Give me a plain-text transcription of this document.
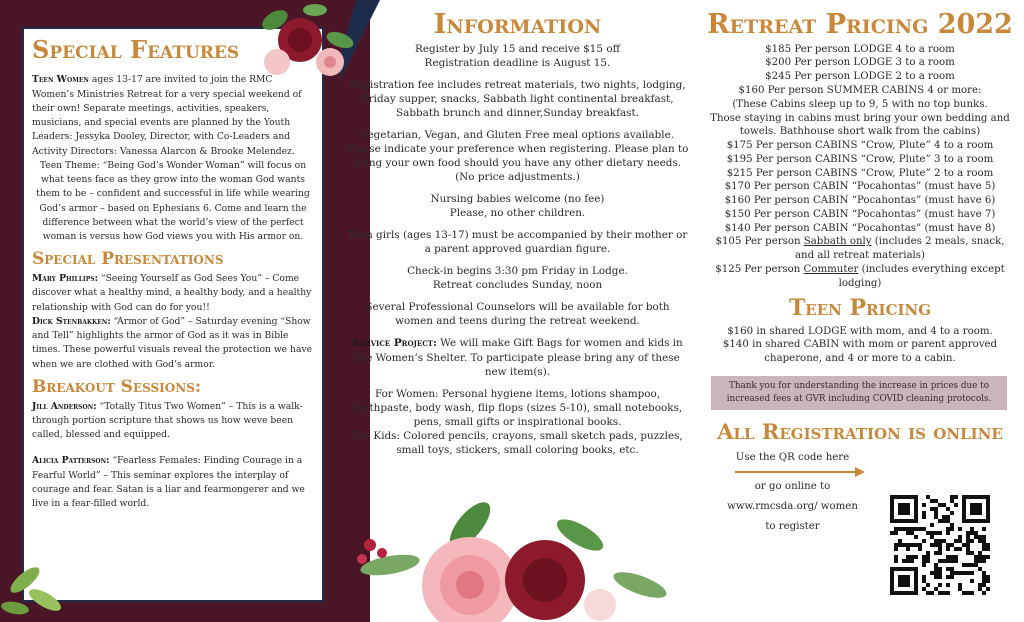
Special Features

Teen Women ages 13-17 are invited to join the RMC Women’s Ministries Retreat for a very special weekend of their own! Separate meetings, activities, speakers, musicians, and special events are planned by the Youth Leaders: Jessyka Dooley, Director, with Co-Leaders and Activity Directors: Vanessa Alarcon & Brooke Melendez.

Teen Theme: “Being God’s Wonder Woman” will focus on what teens face as they grow into the woman God wants them to be – confident and successful in life while wearing God’s armor – based on Ephesians 6. Come and learn the difference between what the world’s view of the perfect woman is versus how God views you with His armor on.

Special Presentations

Mary Phillips: “Seeing Yourself as God Sees You” – Come discover what a healthy mind, a healthy body, and a healthy relationship with God can do for you!!

Dick Stenbakken: “Armor of God” – Saturday evening “Show and Tell” highlights the armor of God as it was in Bible times. These powerful visuals reveal the protection we have when we are clothed with God’s armor.

Breakout Sessions:

Jill Anderson: “Totally Titus Two Women” – This is a walk-through portion scripture that shows us how weve been called, blessed and equipped.

Alicia Patterson: “Fearless Females: Finding Courage in a Fearful World” – This seminar explores the interplay of courage and fear. Satan is a liar and fearmongerer and we live in a fear-filled world.

Information

Register by July 15 and receive $15 off
Registration deadline is August 15.

Registration fee includes retreat materials, two nights, lodging, Friday supper, snacks, Sabbath light continental breakfast, Sabbath brunch and dinner,Sunday breakfast.

Vegetarian, Vegan, and Gluten Free meal options available. Please indicate your preference when registering. Please plan to bring your own food should you have any other dietary needs. (No price adjustments.)

Nursing babies welcome (no fee)
Please, no other children.

Teen girls (ages 13-17) must be accompanied by their mother or a parent approved guardian figure.

Check-in begins 3:30 pm Friday in Lodge.
Retreat concludes Sunday, noon

Several Professional Counselors will be available for both women and teens during the retreat weekend.

Service Project: We will make Gift Bags for women and kids in the Women’s Shelter. To participate please bring any of these new item(s).

For Women: Personal hygiene items, lotions shampoo, toothpaste, body wash, flip flops (sizes 5-10), small notebooks, pens, small gifts or inspirational books.

For Kids: Colored pencils, crayons, small sketch pads, puzzles, small toys, stickers, small coloring books, etc.

Retreat Pricing 2022

$185 Per person LODGE 4 to a room

$200 Per person LODGE 3 to a room

$245 Per person LODGE 2 to a room

$160 Per person SUMMER CABINS 4 or more:

(These Cabins sleep up to 9, 5 with no top bunks.

Those staying in cabins must bring your own bedding and towels. Bathhouse short walk from the cabins)

$175 Per person CABINS “Crow, Plute” 4 to a room

$195 Per person CABINS “Crow, Plute” 3 to a room

$215 Per person CABINS “Crow, Plute” 2 to a room

$170 Per person CABIN “Pocahontas” (must have 5)

$160 Per person CABIN “Pocahontas” (must have 6)

$150 Per person CABIN “Pocahontas” (must have 7)

$140 Per person CABIN “Pocahontas” (must have 8)

$105 Per person Sabbath only (includes 2 meals, snack, and all retreat materials)

$125 Per person Commuter (includes everything except lodging)

Teen Pricing

$160 in shared LODGE with mom, and 4 to a room.

$140 in shared CABIN with mom or parent approved chaperone, and 4 or more to a cabin.

Thank you for understanding the increase in prices due to increased fees at GVR including COVID cleaning protocols.
All Registration is online

Use the QR code here

or go online to

www.rmcsda.org/ women

to register
